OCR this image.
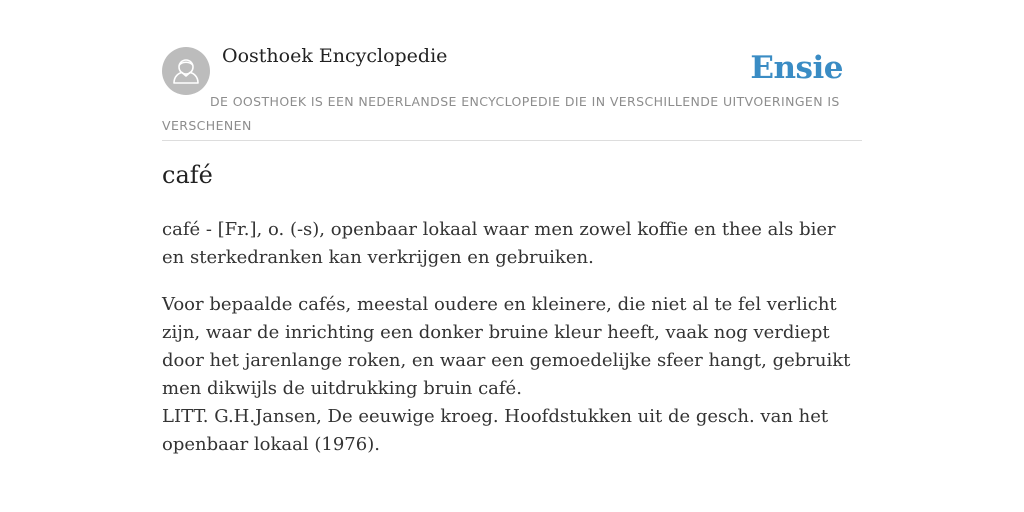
Oosthoek Encyclopedie	Ensie
DE OOSTHOEK IS EEN NEDERLANDSE ENCYCLOPEDIE DIE IN VERSCHILLENDE UITVOERINGEN IS VERSCHENEN
café

café - [Fr.], o. (-s), openbaar lokaal waar men zowel koffie en thee als bier en sterkedranken kan verkrijgen en gebruiken.

Voor bepaalde cafés, meestal oudere en kleinere, die niet al te fel verlicht zijn, waar de inrichting een donker bruine kleur heeft, vaak nog verdiept door het jarenlange roken, en waar een gemoedelijke sfeer hangt, gebruikt men dikwijls de uitdrukking bruin café.
LITT. G.H.Jansen, De eeuwige kroeg. Hoofdstukken uit de gesch. van het openbaar lokaal (1976).
